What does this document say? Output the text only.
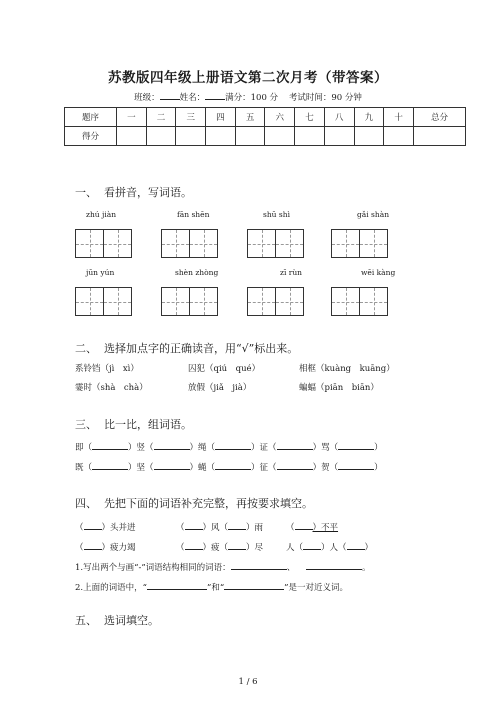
苏教版四年级上册语文第二次月考（带答案）
班级： 姓名： 满分：100 分 考试时间：90 分钟
题序	一	二	三	四	五	六	七	八	九	十	总分
得分											
一、 看拼音，写词语。
zhú jiàn	fān shēn	shū shì	gǎi shàn
jūn yún	shèn zhòng	zī rùn	wēi kàng
二、 选择加点字的正确读音，用“√”标出来。
系铃铛（jì　xì）	囚犯（qiú　qué）	相框（kuàng　kuāng）
霎时（shà　chà）	放假（jiǎ　jià）	蝙蝠（piān　biān）
三、 比一比，组词语。
即（	）竖（	）绳（	）证（	）骂（	）
既（	）坚（	）蝇（	）征（	）贺（	）
四、 先把下面的词语补充完整，再按要求填空。
（ ）头并进	（ ）风（ ）雨	（ ）不平
（ ）疲力竭	（ ）疲（ ）尽	人（ ）人（ ）
1.写出两个与画“-”词语结构相同的词语：	、	。
2.上面的词语中，“	”和“	”是一对近义词。
五、 选词填空。
1 / 6
